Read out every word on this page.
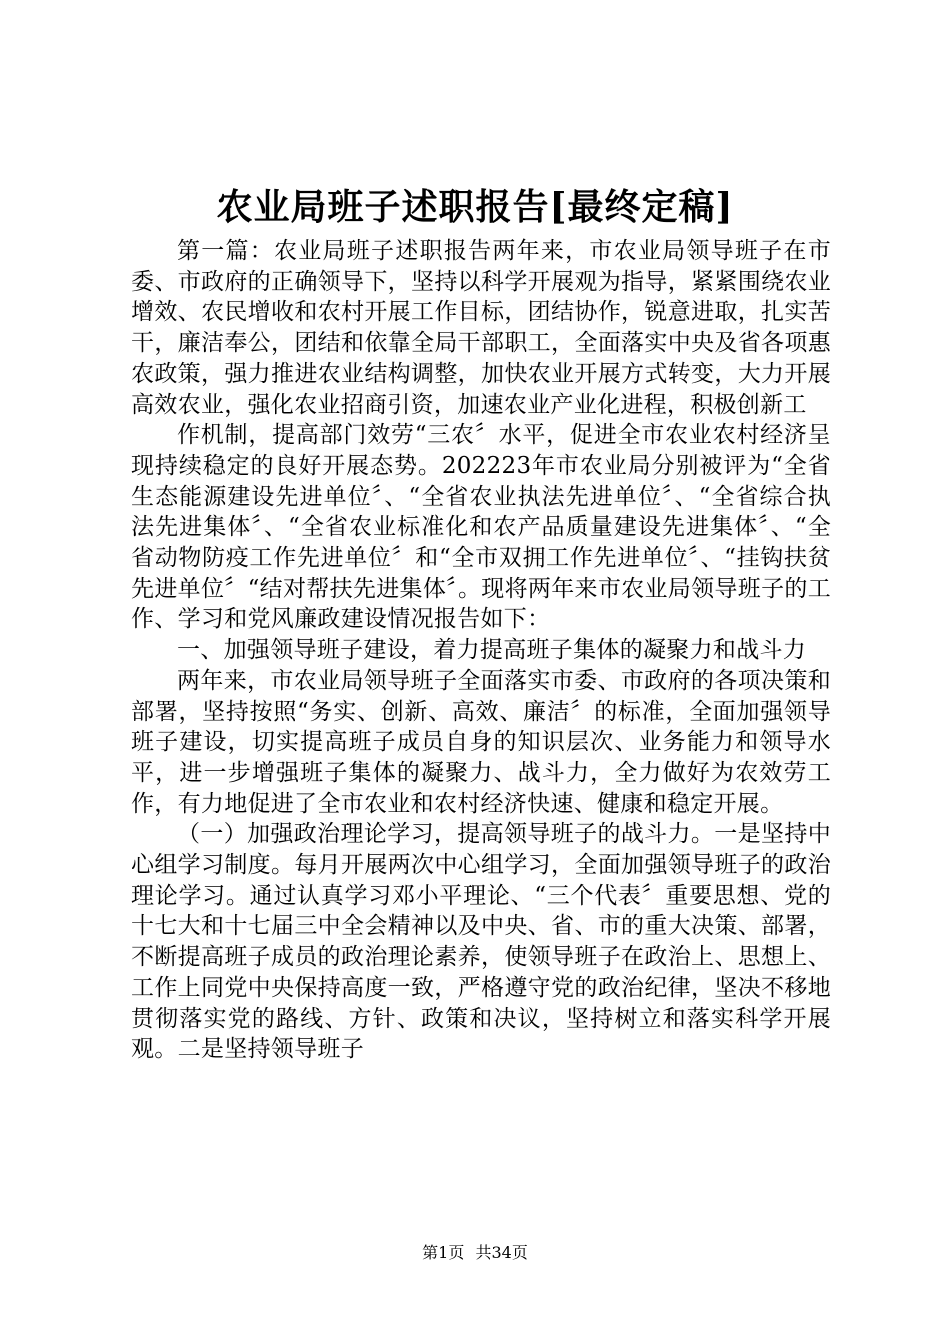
农业局班子述职报告[最终定稿]

第一篇：农业局班子述职报告两年来，市农业局领导班子在市委、市政府的正确领导下，坚持以科学开展观为指导，紧紧围绕农业增效、农民增收和农村开展工作目标，团结协作，锐意进取，扎实苦干，廉洁奉公，团结和依靠全局干部职工，全面落实中央及省各项惠农政策，强力推进农业结构调整，加快农业开展方式转变，大力开展高效农业，强化农业招商引资，加速农业产业化进程，积极创新工

作机制，提高部门效劳“三农〞水平，促进全市农业农村经济呈现持续稳定的良好开展态势。202223年市农业局分别被评为“全省生态能源建设先进单位〞、“全省农业执法先进单位〞、“全省综合执法先进集体〞、“全省农业标准化和农产品质量建设先进集体〞、“全省动物防疫工作先进单位〞和“全市双拥工作先进单位〞、“挂钩扶贫先进单位〞“结对帮扶先进集体〞。现将两年来市农业局领导班子的工作、学习和党风廉政建设情况报告如下：

一、加强领导班子建设，着力提高班子集体的凝聚力和战斗力

两年来，市农业局领导班子全面落实市委、市政府的各项决策和部署，坚持按照“务实、创新、高效、廉洁〞的标准，全面加强领导班子建设，切实提高班子成员自身的知识层次、业务能力和领导水平，进一步增强班子集体的凝聚力、战斗力，全力做好为农效劳工作，有力地促进了全市农业和农村经济快速、健康和稳定开展。

（一）加强政治理论学习，提高领导班子的战斗力。一是坚持中心组学习制度。每月开展两次中心组学习，全面加强领导班子的政治理论学习。通过认真学习邓小平理论、“三个代表〞重要思想、党的十七大和十七届三中全会精神以及中央、省、市的重大决策、部署，不断提高班子成员的政治理论素养，使领导班子在政治上、思想上、工作上同党中央保持高度一致，严格遵守党的政治纪律，坚决不移地贯彻落实党的路线、方针、政策和决议，坚持树立和落实科学开展观。二是坚持领导班子

第1页 共34页
